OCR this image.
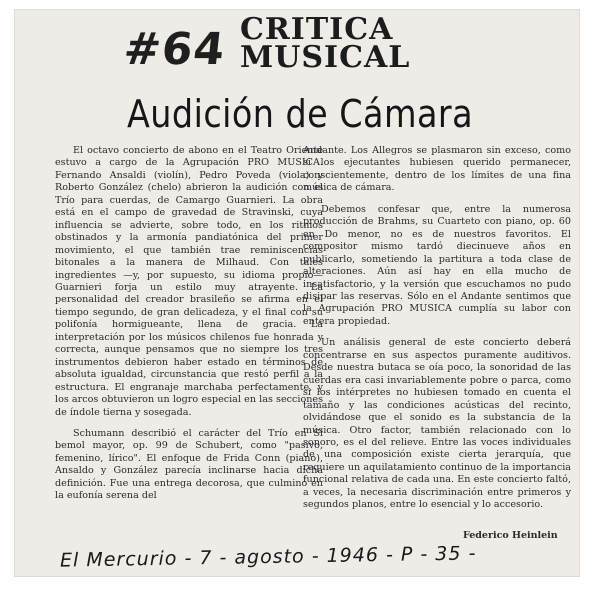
#64 CRITICA
MUSICAL
Audición de Cámara

El octavo concierto de abono en el Teatro Oriente estuvo a cargo de la Agrupación PRO MUSICA. Fernando Ansaldi (violín), Pedro Poveda (viola) y Roberto González (chelo) abrieron la audición con el Trío para cuerdas, de Camargo Guarnieri. La obra está en el campo de gravedad de Stravinski, cuya influencia se advierte, sobre todo, en los ritmos obstinados y la armonía pandiatónica del primer movimiento, el que también trae reminiscencias bitonales a la manera de Milhaud. Con tales ingredientes —y, por supuesto, su idioma propio— Guarnieri forja un estilo muy atrayente. La personalidad del creador brasileño se afirma en el tiempo segundo, de gran delicadeza, y el final con su polifonía hormigueante, llena de gracia. La interpretación por los músicos chilenos fue honrada y correcta, aunque pensamos que no siempre los tres instrumentos debieron haber estado en términos de absoluta igualdad, circunstancia que restó perfil a la estructura. El engranaje marchaba perfectamente, y los arcos obtuvieron un logro especial en las secciones de índole tierna y sosegada.

Schumann describió el carácter del Trío en Si bemol mayor, op. 99 de Schubert, como "pasivo, femenino, lírico". El enfoque de Frida Conn (piano), Ansaldo y González parecía inclinarse hacia dicha definición. Fue una entrega decorosa, que culminó en la eufonía serena del

Andante. Los Allegros se plasmaron sin exceso, como si los ejecutantes hubiesen querido permanecer, conscientemente, dentro de los límites de una fina música de cámara.

Debemos confesar que, entre la numerosa producción de Brahms, su Cuarteto con piano, op. 60 en Do menor, no es de nuestros favoritos. El compositor mismo tardó diecinueve años en publicarlo, sometiendo la partitura a toda clase de alteraciones. Aún así hay en ella mucho de insatisfactorio, y la versión que escuchamos no pudo disipar las reservas. Sólo en el Andante sentimos que la Agrupación PRO MUSICA cumplía su labor con entera propiedad.

Un análisis general de este concierto deberá concentrarse en sus aspectos puramente auditivos. Desde nuestra butaca se oía poco, la sonoridad de las cuerdas era casi invariablemente pobre o parca, como si los intérpretes no hubiesen tomado en cuenta el tamaño y las condiciones acústicas del recinto, olvidándose que el sonido es la substancia de la música. Otro factor, también relacionado con lo sonoro, es el del relieve. Entre las voces individuales de una composición existe cierta jerarquía, que requiere un aquilatamiento continuo de la importancia funcional relativa de cada una. En este concierto faltó, a veces, la necesaria discriminación entre primeros y segundos planos, entre lo esencial y lo accesorio.

Federico Heinlein
El Mercurio - 7 - agosto - 1946 - P - 35 -
